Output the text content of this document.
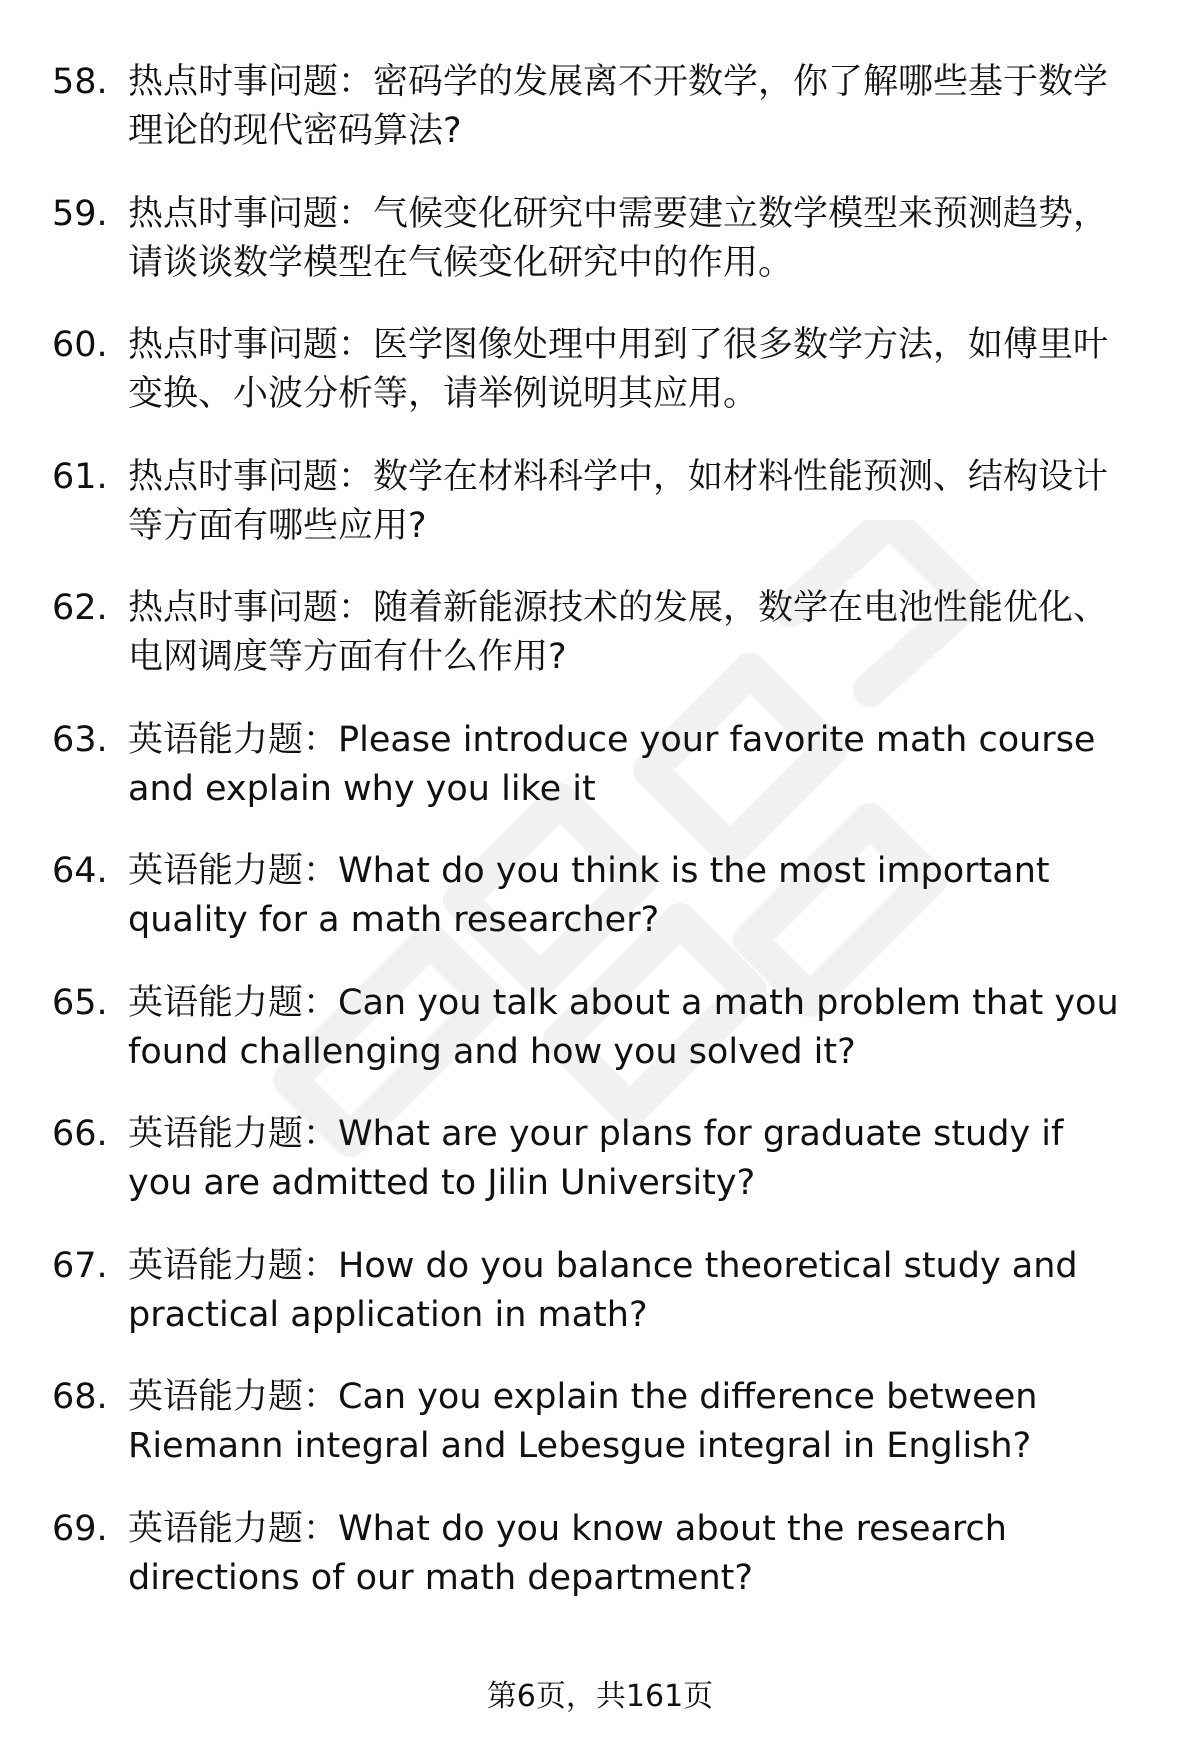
58. 热点时事问题：密码学的发展离不开数学，你了解哪些基于数学理论的现代密码算法?

59. 热点时事问题：气候变化研究中需要建立数学模型来预测趋势，请谈谈数学模型在气候变化研究中的作用。

60. 热点时事问题：医学图像处理中用到了很多数学方法，如傅里叶变换、小波分析等，请举例说明其应用。

61. 热点时事问题：数学在材料科学中，如材料性能预测、结构设计等方面有哪些应用?

62. 热点时事问题：随着新能源技术的发展，数学在电池性能优化、电网调度等方面有什么作用?

63. 英语能力题：Please introduce your favorite math course and explain why you like it

64. 英语能力题：What do you think is the most important quality for a math researcher?

65. 英语能力题：Can you talk about a math problem that you found challenging and how you solved it?

66. 英语能力题：What are your plans for graduate study if you are admitted to Jilin University?

67. 英语能力题：How do you balance theoretical study and practical application in math?

68. 英语能力题：Can you explain the difference between Riemann integral and Lebesgue integral in English?

69. 英语能力题：What do you know about the research directions of our math department?

第6页，共161页
